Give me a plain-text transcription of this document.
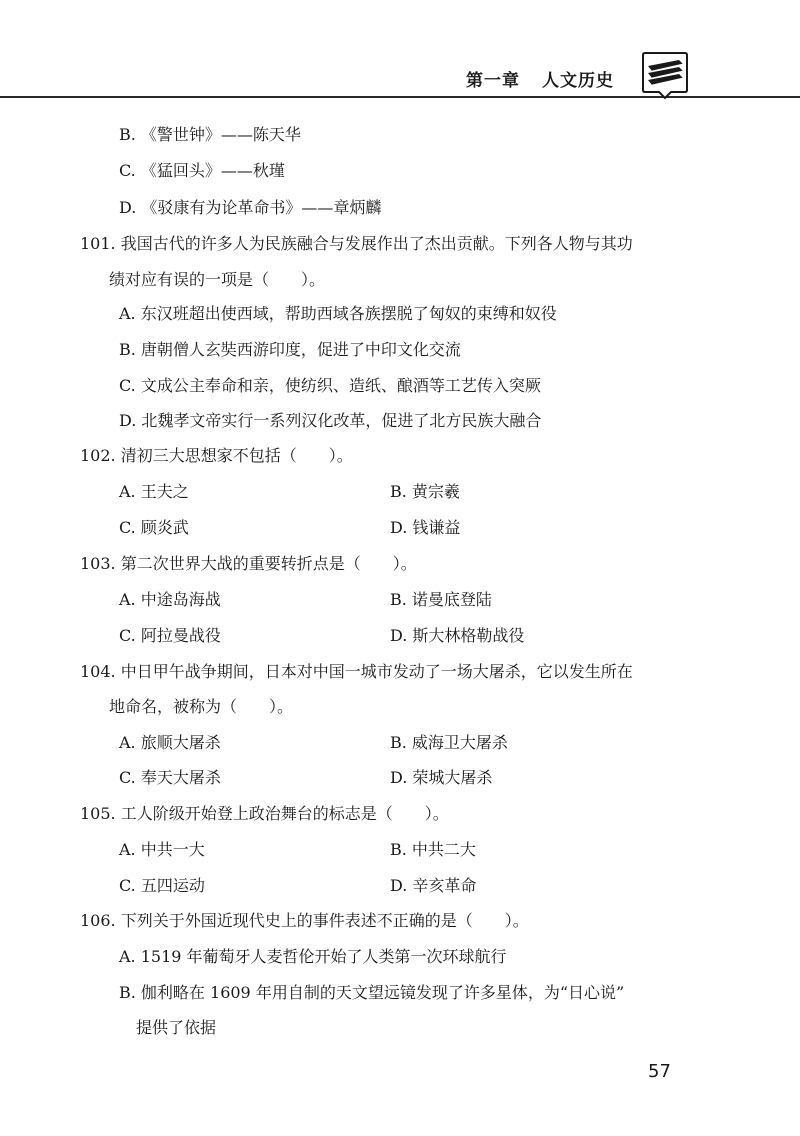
第一章 人文历史
B. 《警世钟》——陈天华
C. 《猛回头》——秋瑾
D. 《驳康有为论革命书》——章炳麟
101. 我国古代的许多人为民族融合与发展作出了杰出贡献。下列各人物与其功
绩对应有误的一项是（　　）。
A. 东汉班超出使西域，帮助西域各族摆脱了匈奴的束缚和奴役
B. 唐朝僧人玄奘西游印度，促进了中印文化交流
C. 文成公主奉命和亲，使纺织、造纸、酿酒等工艺传入突厥
D. 北魏孝文帝实行一系列汉化改革，促进了北方民族大融合
102. 清初三大思想家不包括（　　）。
A. 王夫之	B. 黄宗羲
C. 顾炎武	D. 钱谦益
103. 第二次世界大战的重要转折点是（　　）。
A. 中途岛海战	B. 诺曼底登陆
C. 阿拉曼战役	D. 斯大林格勒战役
104. 中日甲午战争期间，日本对中国一城市发动了一场大屠杀，它以发生所在
地命名，被称为（　　）。
A. 旅顺大屠杀	B. 威海卫大屠杀
C. 奉天大屠杀	D. 荣城大屠杀
105. 工人阶级开始登上政治舞台的标志是（　　）。
A. 中共一大	B. 中共二大
C. 五四运动	D. 辛亥革命
106. 下列关于外国近现代史上的事件表述不正确的是（　　）。
A. 1519 年葡萄牙人麦哲伦开始了人类第一次环球航行
B. 伽利略在 1609 年用自制的天文望远镜发现了许多星体，为“日心说”
提供了依据
57
